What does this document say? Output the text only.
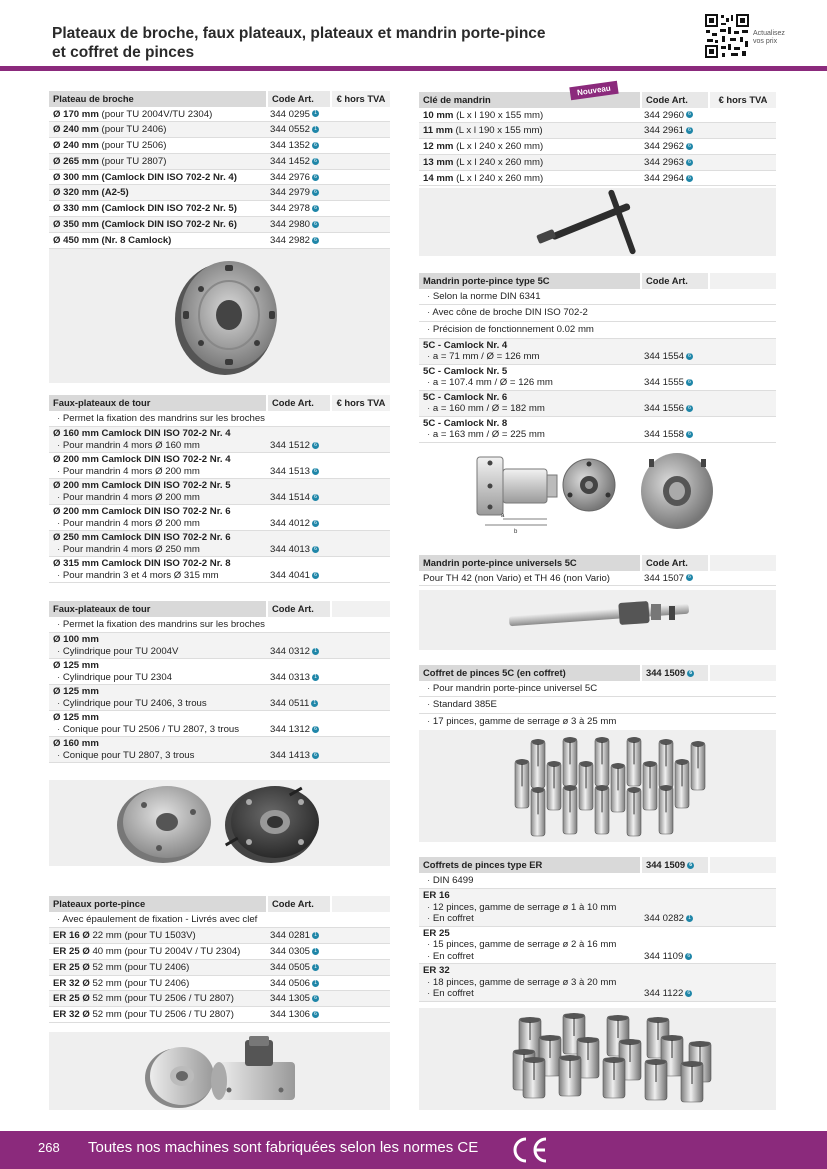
Plateaux de broche, faux plateaux, plateaux et mandrin porte-pince
et coffret de pinces
Actualisez
vos prix
Plateau de broche	Code Art.	€ hors TVA
Ø 170 mm (pour TU 2004V/TU 2304)	344 0295 1
Ø 240 mm (pour TU 2406)	344 0552 1
Ø 240 mm (pour TU 2506)	344 1352 6
Ø 265 mm (pour TU 2807)	344 1452 6
Ø 300 mm (Camlock DIN ISO 702-2 Nr. 4)	344 2976 6
Ø 320 mm (A2-5)	344 2979 6
Ø 330 mm (Camlock DIN ISO 702-2 Nr. 5)	344 2978 6
Ø 350 mm (Camlock DIN ISO 702-2 Nr. 6)	344 2980 6
Ø 450 mm (Nr. 8 Camlock)	344 2982 6
Faux-plateaux de tour	Code Art.	€ hors TVA
· Permet la fixation des mandrins sur les broches
Ø 160 mm Camlock DIN ISO 702-2 Nr. 4
· Pour mandrin 4 mors Ø 160 mm	344 1512 6
Ø 200 mm Camlock DIN ISO 702-2 Nr. 4
· Pour mandrin 4 mors Ø 200 mm	344 1513 6
Ø 200 mm Camlock DIN ISO 702-2 Nr. 5
· Pour mandrin 4 mors Ø 200 mm	344 1514 6
Ø 200 mm Camlock DIN ISO 702-2 Nr. 6
· Pour mandrin 4 mors Ø 200 mm	344 4012 6
Ø 250 mm Camlock DIN ISO 702-2 Nr. 6
· Pour mandrin 4 mors Ø 250 mm	344 4013 6
Ø 315 mm Camlock DIN ISO 702-2 Nr. 8
· Pour mandrin 3 et 4 mors Ø 315 mm	344 4041 6
Faux-plateaux de tour	Code Art.
· Permet la fixation des mandrins sur les broches
Ø 100 mm
· Cylindrique pour TU 2004V	344 0312 1
Ø 125 mm
· Cylindrique pour TU 2304	344 0313 1
Ø 125 mm
· Cylindrique pour TU 2406, 3 trous	344 0511 1
Ø 125 mm
· Conique pour TU 2506 / TU 2807, 3 trous	344 1312 6
Ø 160 mm
· Conique pour TU 2807, 3 trous	344 1413 6
Plateaux porte-pince	Code Art.
· Avec épaulement de fixation - Livrés avec clef
ER 16 Ø 22 mm (pour TU 1503V)	344 0281 1
ER 25 Ø 40 mm (pour TU 2004V / TU 2304)	344 0305 1
ER 25 Ø 52 mm (pour TU 2406)	344 0505 1
ER 32 Ø 52 mm (pour TU 2406)	344 0506 1
ER 25 Ø 52 mm (pour TU 2506 / TU 2807)	344 1305 6
ER 32 Ø 52 mm (pour TU 2506 / TU 2807)	344 1306 6
Clé de mandrin	Code Art.	€ hors TVA
10 mm (L x l 190 x 155 mm)	344 2960 6
11 mm (L x l 190 x 155 mm)	344 2961 6
12 mm (L x l 240 x 260 mm)	344 2962 6
13 mm (L x l 240 x 260 mm)	344 2963 6
14 mm (L x l 240 x 260 mm)	344 2964 6
Nouveau
Mandrin porte-pince type 5C	Code Art.
· Selon la norme DIN 6341
· Avec cône de broche DIN ISO 702-2
· Précision de fonctionnement 0.02 mm
5C - Camlock Nr. 4
· a = 71 mm / Ø = 126 mm	344 1554 6
5C - Camlock Nr. 5
· a = 107.4 mm / Ø = 126 mm	344 1555 6
5C - Camlock Nr. 6
· a = 160 mm / Ø = 182 mm	344 1556 6
5C - Camlock Nr. 8
· a = 163 mm / Ø = 225 mm	344 1558 6
a
b
Mandrin porte-pince universels 5C	Code Art.
Pour TH 42 (non Vario) et TH 46 (non Vario)	344 1507 6
Coffret de pinces 5C (en coffret)	344 1509 6
· Pour mandrin porte-pince universel 5C
· Standard 385E
· 17 pinces, gamme de serrage ø 3 à 25 mm
Coffrets de pinces type ER	344 1509 6
· DIN 6499
ER 16
· 12 pinces, gamme de serrage ø 1 à 10 mm
· En coffret	344 0282 1
ER 25
· 15 pinces, gamme de serrage ø 2 à 16 mm
· En coffret	344 1109 6
ER 32
· 18 pinces, gamme de serrage ø 3 à 20 mm
· En coffret	344 1122 6
268 Toutes nos machines sont fabriquées selon les normes CE
